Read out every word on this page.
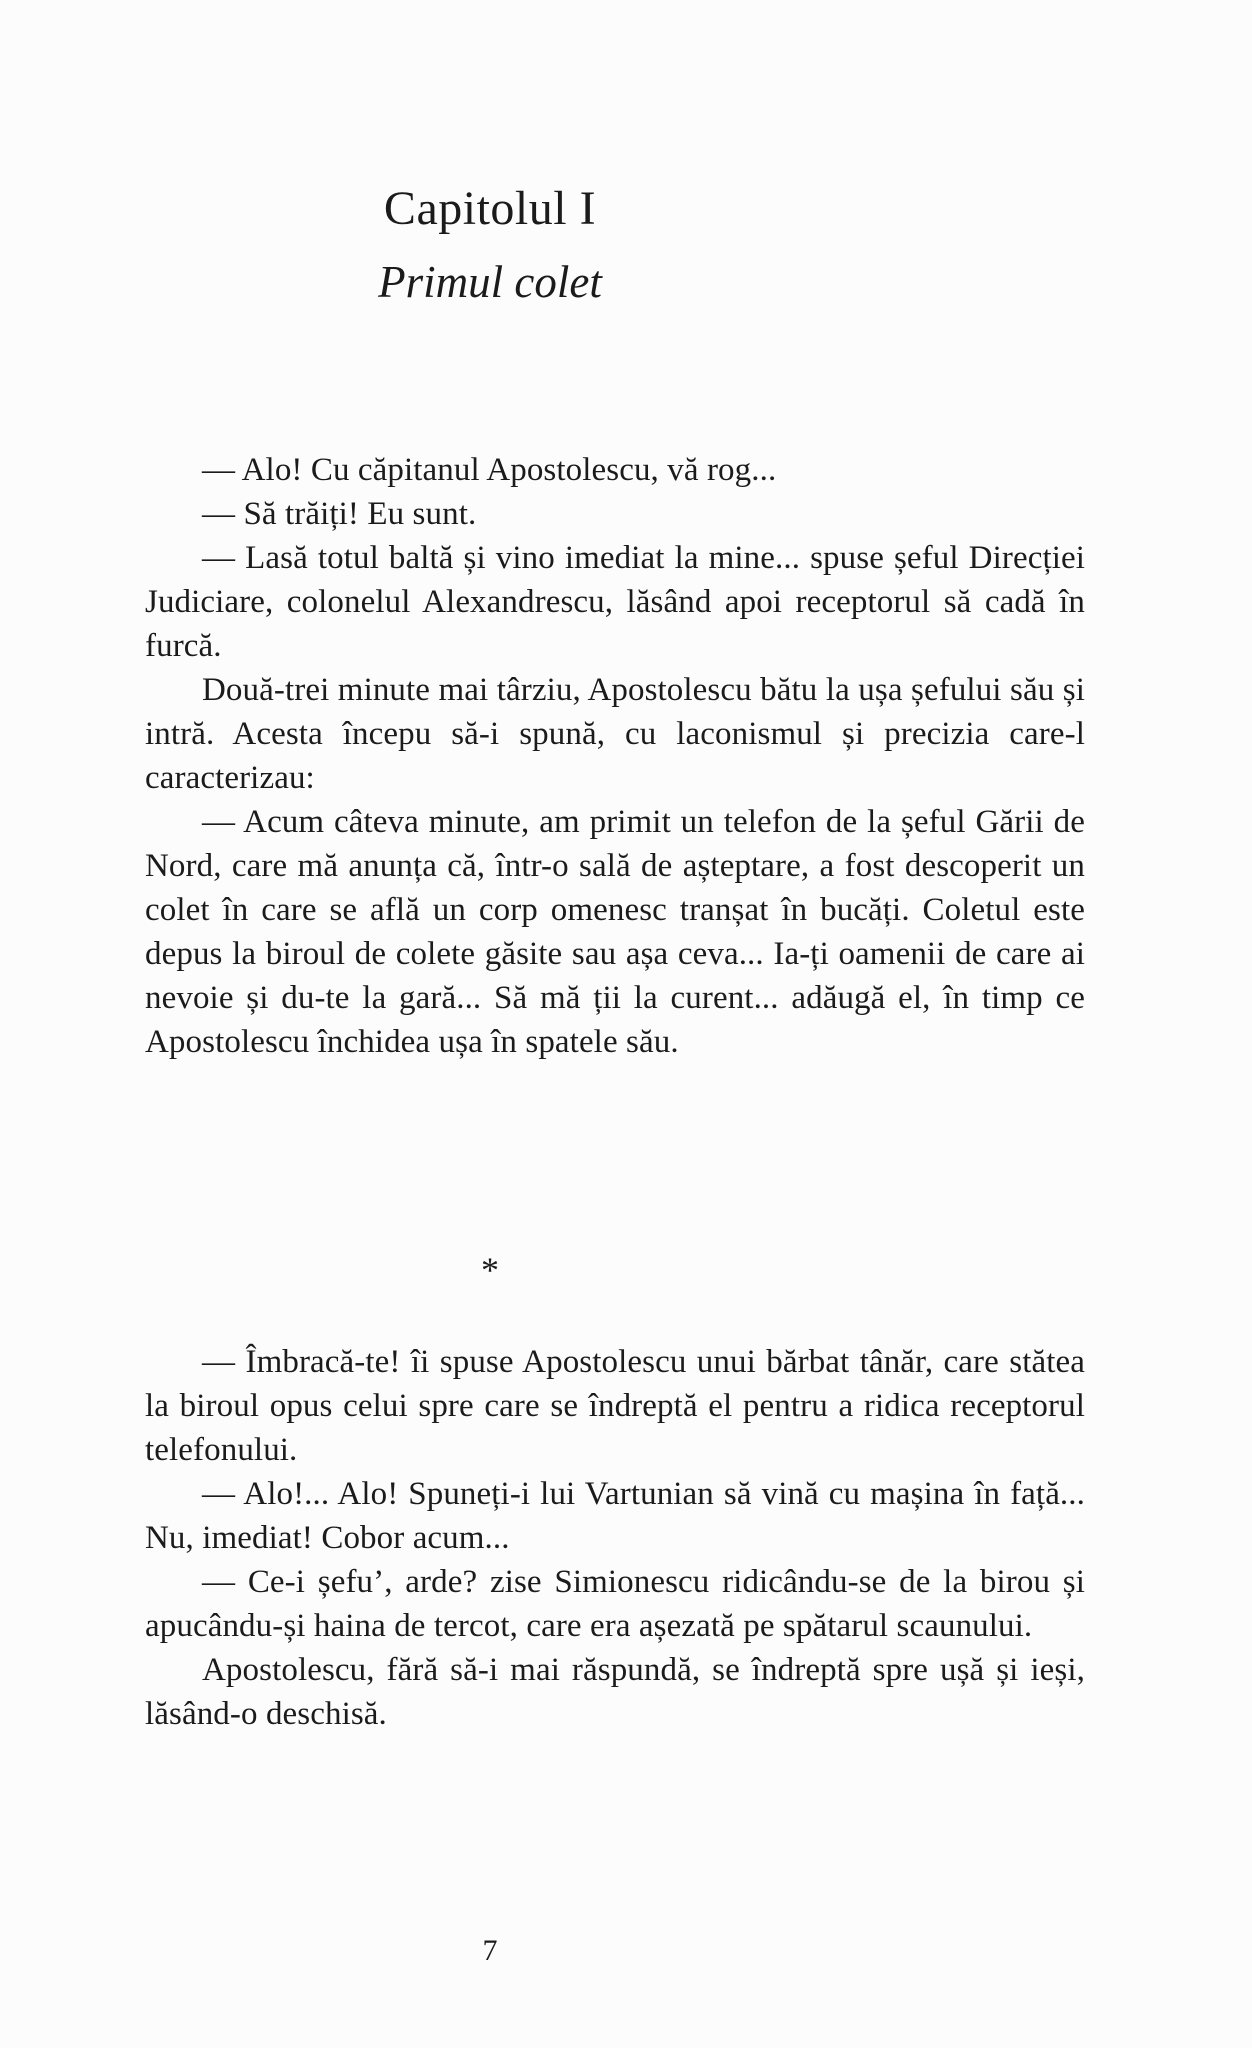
Capitolul I
Primul colet

— Alo! Cu căpitanul Apostolescu, vă rog...

— Să trăiți! Eu sunt.

— Lasă totul baltă și vino imediat la mine... spuse șeful Direcției Judiciare, colonelul Alexandrescu, lăsând apoi receptorul să cadă în furcă.

Două-trei minute mai târziu, Apostolescu bătu la ușa șefului său și intră. Acesta începu să-i spună, cu laconismul și precizia care-l caracterizau:

— Acum câteva minute, am primit un telefon de la șeful Gării de Nord, care mă anunța că, într-o sală de așteptare, a fost descoperit un colet în care se află un corp omenesc tranșat în bucăți. Coletul este depus la biroul de colete găsite sau așa ceva... Ia-ți oamenii de care ai nevoie și du-te la gară... Să mă ții la curent... adăugă el, în timp ce Apostolescu închidea ușa în spatele său.

*

— Îmbracă-te! îi spuse Apostolescu unui bărbat tânăr, care stătea la biroul opus celui spre care se îndreptă el pentru a ridica receptorul telefonului.

— Alo!... Alo! Spuneți-i lui Vartunian să vină cu mașina în față... Nu, imediat! Cobor acum...

— Ce-i șefu’, arde? zise Simionescu ridicându-se de la birou și apucându-și haina de tercot, care era așezată pe spătarul scaunului.

Apostolescu, fără să-i mai răspundă, se îndreptă spre ușă și ieși, lăsând-o deschisă.

7
